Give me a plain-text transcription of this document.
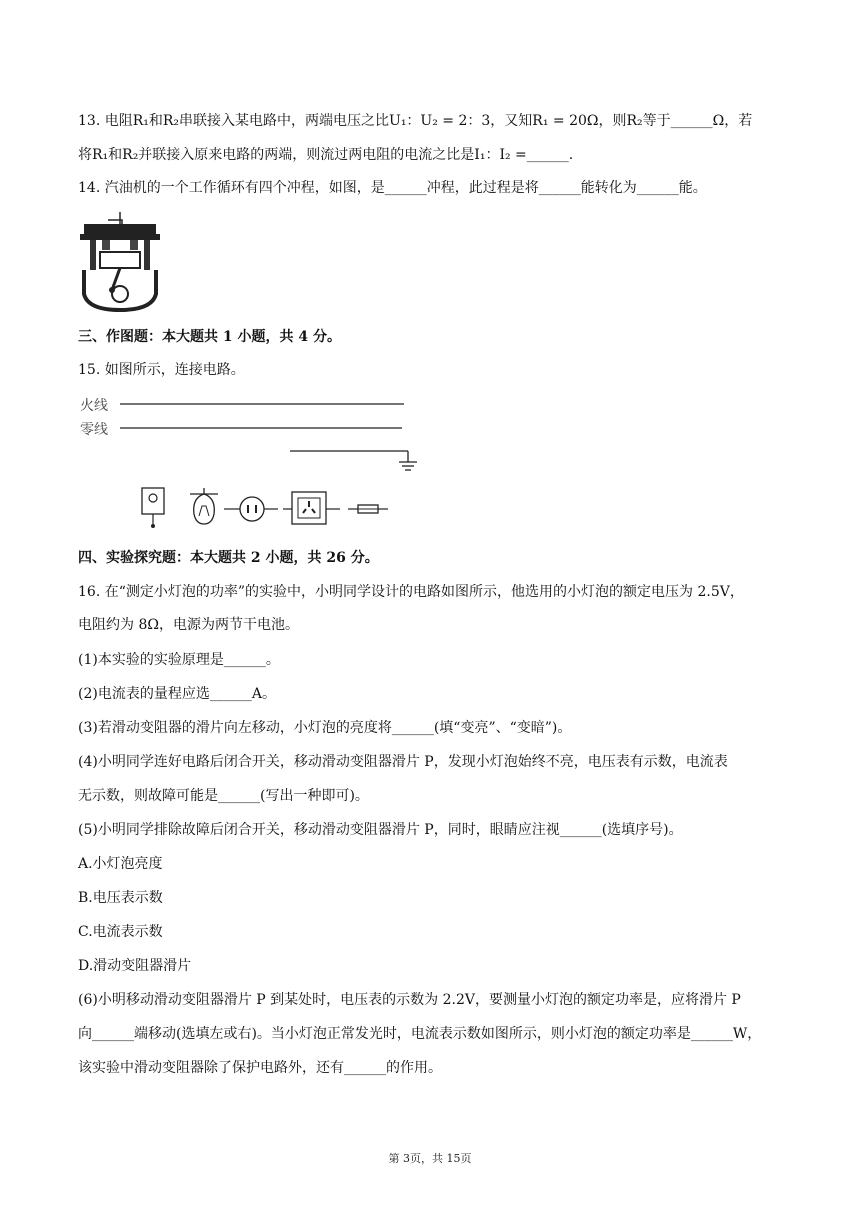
13. 电阻R₁和R₂串联接入某电路中，两端电压之比U₁：U₂ = 2：3，又知R₁ = 20Ω，则R₂等于______Ω，若
将R₁和R₂并联接入原来电路的两端，则流过两电阻的电流之比是I₁：I₂ =______.
14. 汽油机的一个工作循环有四个冲程，如图，是______冲程，此过程是将______能转化为______能。
三、作图题：本大题共 1 小题，共 4 分。
15. 如图所示，连接电路。
火线
零线
四、实验探究题：本大题共 2 小题，共 26 分。
16. 在“测定小灯泡的功率”的实验中，小明同学设计的电路如图所示，他选用的小灯泡的额定电压为 2.5V，
电阻约为 8Ω，电源为两节干电池。
(1)本实验的实验原理是______。
(2)电流表的量程应选______A。
(3)若滑动变阻器的滑片向左移动，小灯泡的亮度将______(填“变亮”、“变暗”)。
(4)小明同学连好电路后闭合开关，移动滑动变阻器滑片 P，发现小灯泡始终不亮，电压表有示数，电流表
无示数，则故障可能是______(写出一种即可)。
(5)小明同学排除故障后闭合开关，移动滑动变阻器滑片 P，同时，眼睛应注视______(选填序号)。
A.小灯泡亮度
B.电压表示数
C.电流表示数
D.滑动变阻器滑片
(6)小明移动滑动变阻器滑片 P 到某处时，电压表的示数为 2.2V，要测量小灯泡的额定功率是，应将滑片 P
向______端移动(选填左或右)。当小灯泡正常发光时，电流表示数如图所示，则小灯泡的额定功率是______W，
该实验中滑动变阻器除了保护电路外，还有______的作用。
第 3页，共 15页
